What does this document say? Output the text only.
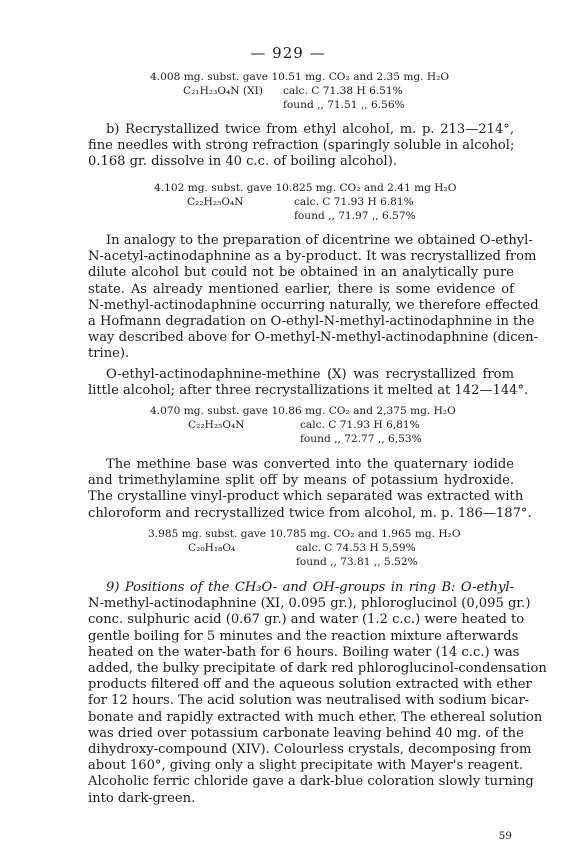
— 929 —
4.008 mg. subst. gave 10.51 mg. CO₂ and 2.35 mg. H₂O
C₂₁H₂₃O₄N (XI)	calc. C 71.38 H 6.51%
found ,, 71.51 ,, 6.56%
b) Recrystallized twice from ethyl alcohol, m. p. 213—214°,
fine needles with strong refraction (sparingly soluble in alcohol;
0.168 gr. dissolve in 40 c.c. of boiling alcohol).
4.102 mg. subst. gave 10.825 mg. CO₂ and 2.41 mg H₂O
C₂₂H₂₅O₄N	calc. C 71.93 H 6.81%
found ,, 71.97 ,, 6.57%
In analogy to the preparation of dicentrine we obtained O-ethyl-
N-acetyl-actinodaphnine as a by-product. It was recrystallized from
dilute alcohol but could not be obtained in an analytically pure
state. As already mentioned earlier, there is some evidence of
N-methyl-actinodaphnine occurring naturally, we therefore effected
a Hofmann degradation on O-ethyl-N-methyl-actinodaphnine in the
way described above for O-methyl-N-methyl-actinodaphnine (dicen-
trine).
O-ethyl-actinodaphnine-methine (X) was recrystallized from
little alcohol; after three recrystallizations it melted at 142—144°.
4.070 mg. subst. gave 10.86 mg. CO₂ and 2,375 mg. H₂O
C₂₂H₂₅O₄N	calc. C 71.93 H 6,81%
found ,, 72.77 ,, 6,53%
The methine base was converted into the quaternary iodide
and trimethylamine split off by means of potassium hydroxide.
The crystalline vinyl-product which separated was extracted with
chloroform and recrystallized twice from alcohol, m. p. 186—187°.
3.985 mg. subst. gave 10.785 mg. CO₂ and 1.965 mg. H₂O
C₂₀H₁₈O₄	calc. C 74.53 H 5,59%
found ,, 73.81 ,, 5.52%
9) Positions of the CH₃O- and OH-groups in ring B: O-ethyl-
N-methyl-actinodaphnine (XI, 0.095 gr.), phloroglucinol (0,095 gr.)
conc. sulphuric acid (0.67 gr.) and water (1.2 c.c.) were heated to
gentle boiling for 5 minutes and the reaction mixture afterwards
heated on the water-bath for 6 hours. Boiling water (14 c.c.) was
added, the bulky precipitate of dark red phloroglucinol-condensation
products filtered off and the aqueous solution extracted with ether
for 12 hours. The acid solution was neutralised with sodium bicar-
bonate and rapidly extracted with much ether. The ethereal solution
was dried over potassium carbonate leaving behind 40 mg. of the
dihydroxy-compound (XIV). Colourless crystals, decomposing from
about 160°, giving only a slight precipitate with Mayer's reagent.
Alcoholic ferric chloride gave a dark-blue coloration slowly turning
into dark-green.
59
